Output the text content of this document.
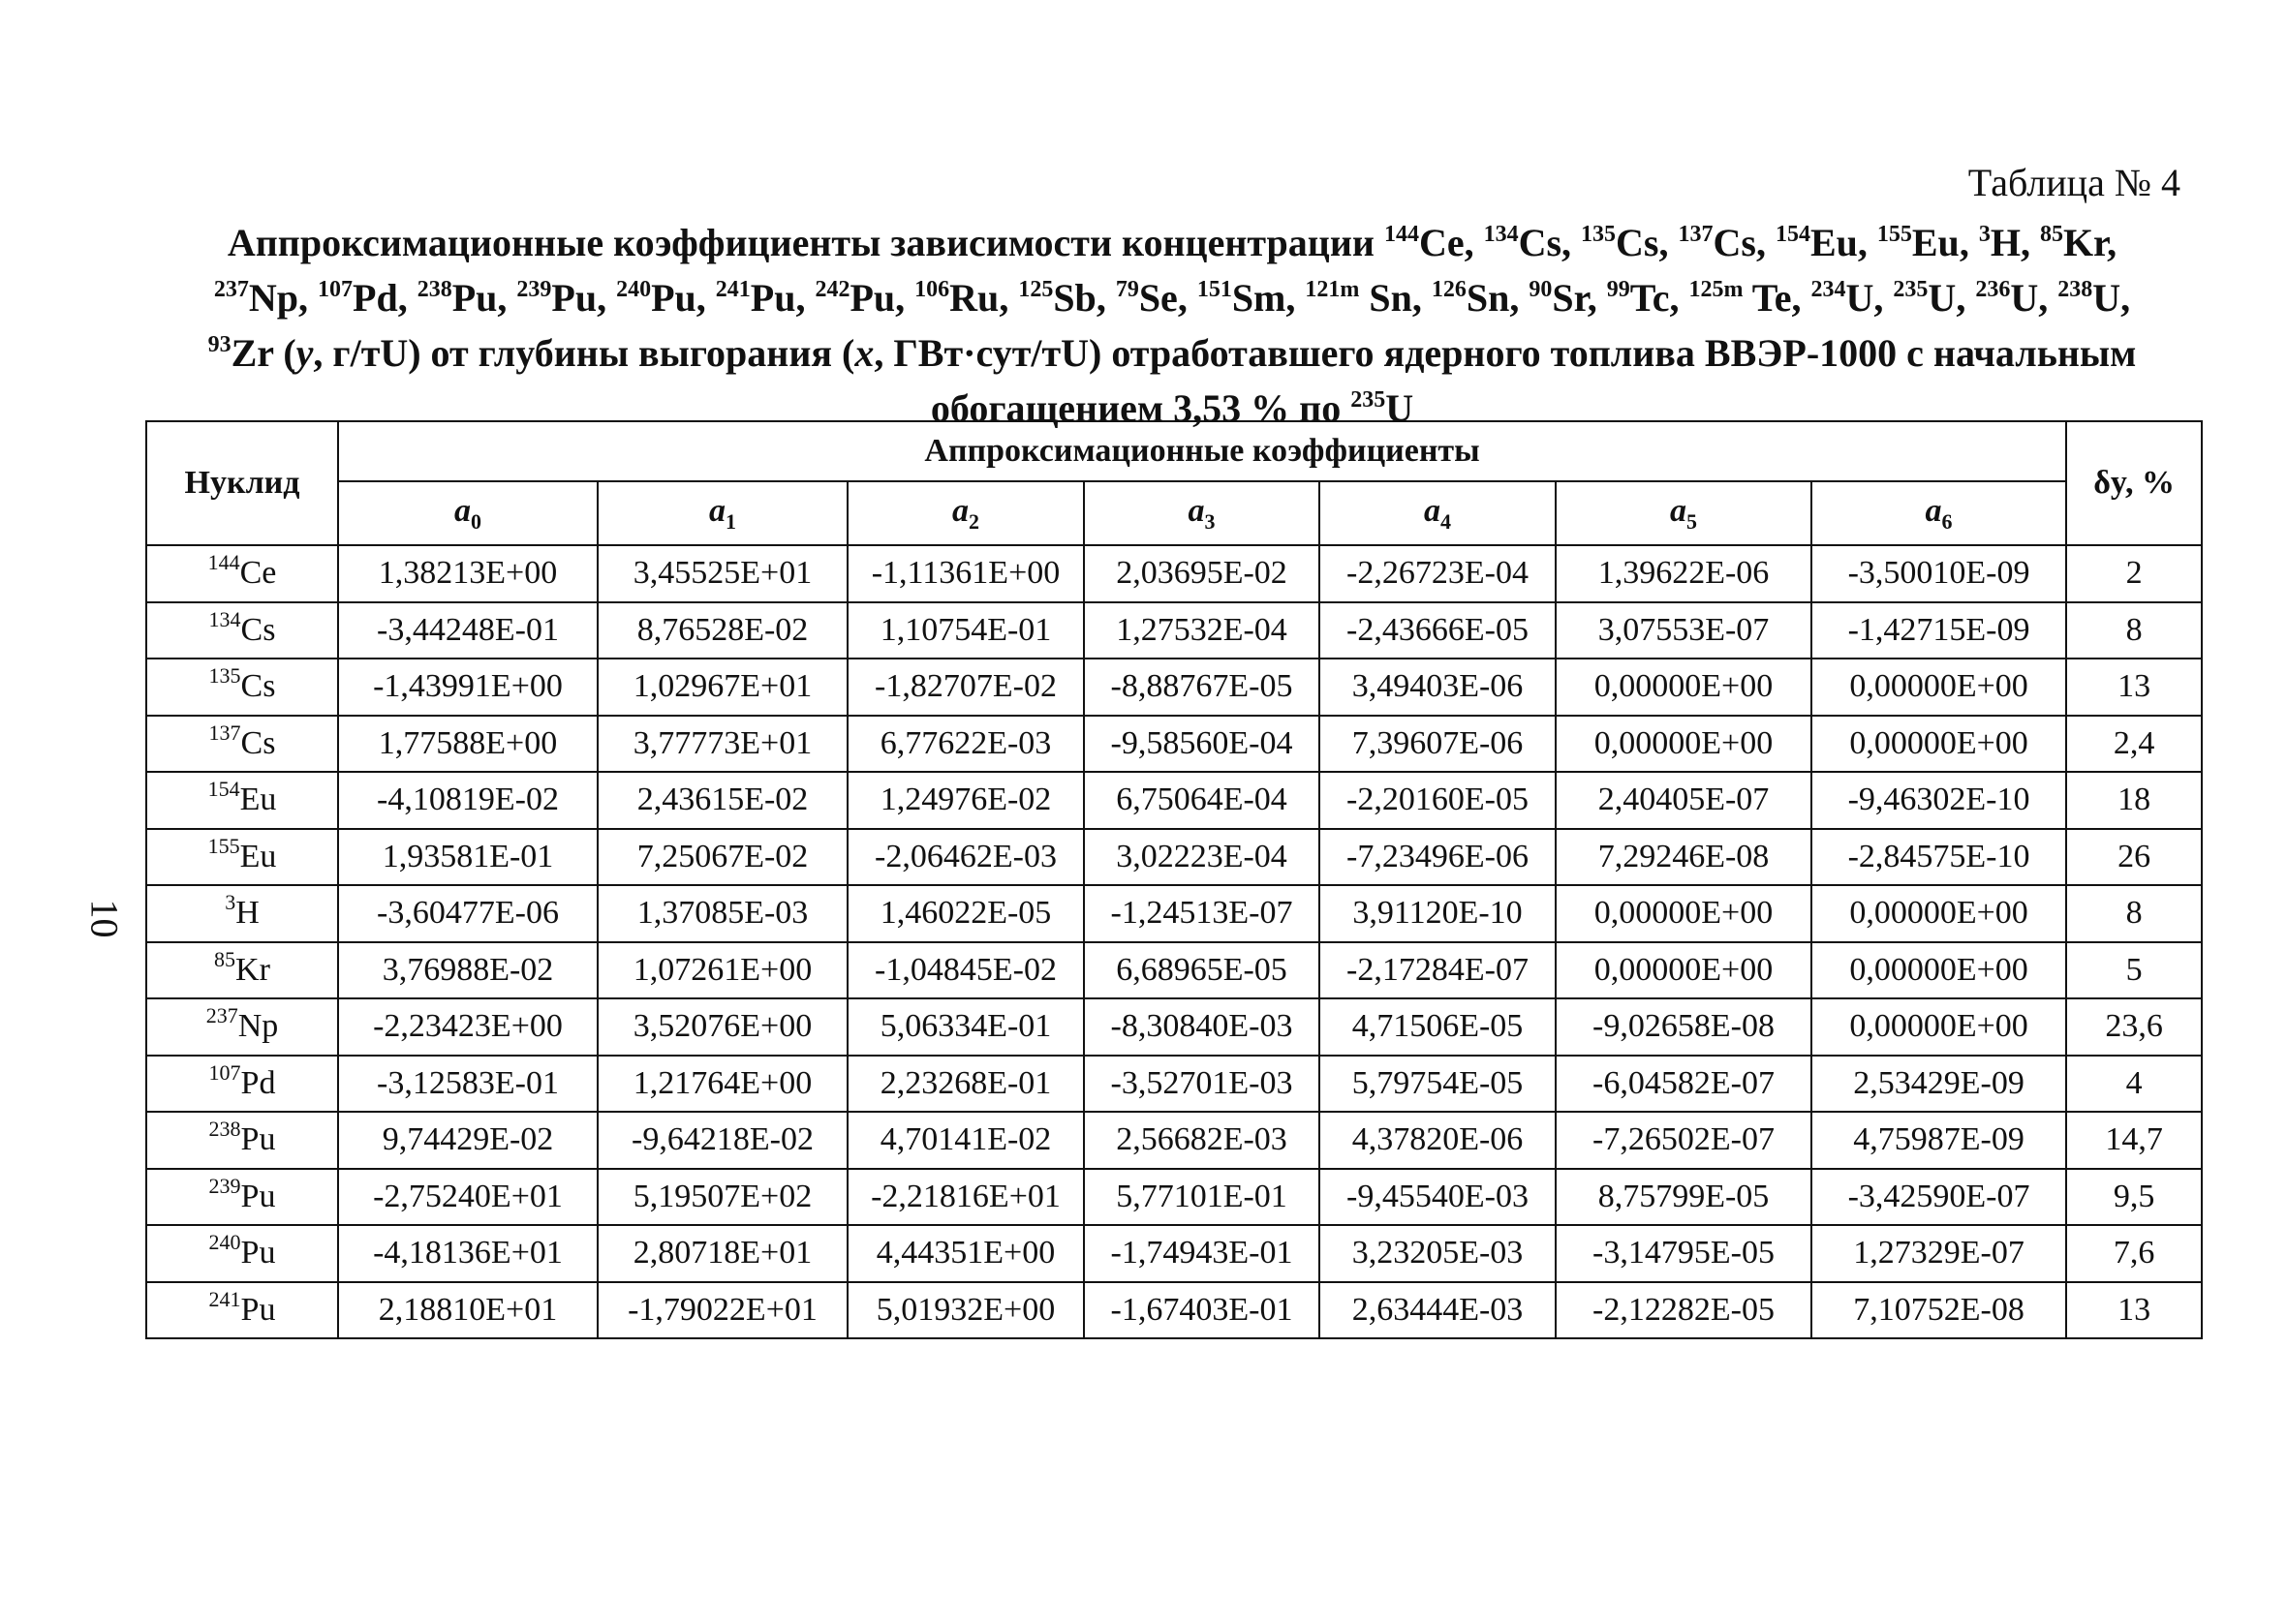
10
Таблица № 4
Аппроксимационные коэффициенты зависимости концентрации $^{144}$Ce, $^{134}$Cs, $^{135}$Cs, $^{137}$Cs, $^{154}$Eu, $^{155}$Eu, $^3$H, $^{85}$Kr,
$^{237}$Np, $^{107}$Pd, $^{238}$Pu, $^{239}$Pu, $^{240}$Pu, $^{241}$Pu, $^{242}$Pu, $^{106}$Ru, $^{125}$Sb, $^{79}$Se, $^{151}$Sm, $^{121m}$ Sn, $^{126}$Sn, $^{90}$Sr, $^{99}$Tc, $^{125m}$ Te, $^{234}$U, $^{235}$U, $^{236}$U, $^{238}$U,
$^{93}$Zr (y, г/тU) от глубины выгорания (x, ГВт·сут/тU) отработавшего ядерного топлива ВВЭР-1000 с начальным
обогащением 3,53 % по $^{235}$U
Нуклид	Аппроксимационные коэффициенты							δy, %
	$a_0$	$a_1$	$a_2$	$a_3$	$a_4$	$a_5$	$a_6$
$^{144}$Ce	1,38213E+00	3,45525E+01	-1,11361E+00	2,03695E-02	-2,26723E-04	1,39622E-06	-3,50010E-09	2
$^{134}$Cs	-3,44248E-01	8,76528E-02	1,10754E-01	1,27532E-04	-2,43666E-05	3,07553E-07	-1,42715E-09	8
$^{135}$Cs	-1,43991E+00	1,02967E+01	-1,82707E-02	-8,88767E-05	3,49403E-06	0,00000E+00	0,00000E+00	13
$^{137}$Cs	1,77588E+00	3,77773E+01	6,77622E-03	-9,58560E-04	7,39607E-06	0,00000E+00	0,00000E+00	2,4
$^{154}$Eu	-4,10819E-02	2,43615E-02	1,24976E-02	6,75064E-04	-2,20160E-05	2,40405E-07	-9,46302E-10	18
$^{155}$Eu	1,93581E-01	7,25067E-02	-2,06462E-03	3,02223E-04	-7,23496E-06	7,29246E-08	-2,84575E-10	26
$^3$H	-3,60477E-06	1,37085E-03	1,46022E-05	-1,24513E-07	3,91120E-10	0,00000E+00	0,00000E+00	8
$^{85}$Kr	3,76988E-02	1,07261E+00	-1,04845E-02	6,68965E-05	-2,17284E-07	0,00000E+00	0,00000E+00	5
$^{237}$Np	-2,23423E+00	3,52076E+00	5,06334E-01	-8,30840E-03	4,71506E-05	-9,02658E-08	0,00000E+00	23,6
$^{107}$Pd	-3,12583E-01	1,21764E+00	2,23268E-01	-3,52701E-03	5,79754E-05	-6,04582E-07	2,53429E-09	4
$^{238}$Pu	9,74429E-02	-9,64218E-02	4,70141E-02	2,56682E-03	4,37820E-06	-7,26502E-07	4,75987E-09	14,7
$^{239}$Pu	-2,75240E+01	5,19507E+02	-2,21816E+01	5,77101E-01	-9,45540E-03	8,75799E-05	-3,42590E-07	9,5
$^{240}$Pu	-4,18136E+01	2,80718E+01	4,44351E+00	-1,74943E-01	3,23205E-03	-3,14795E-05	1,27329E-07	7,6
$^{241}$Pu	2,18810E+01	-1,79022E+01	5,01932E+00	-1,67403E-01	2,63444E-03	-2,12282E-05	7,10752E-08	13
